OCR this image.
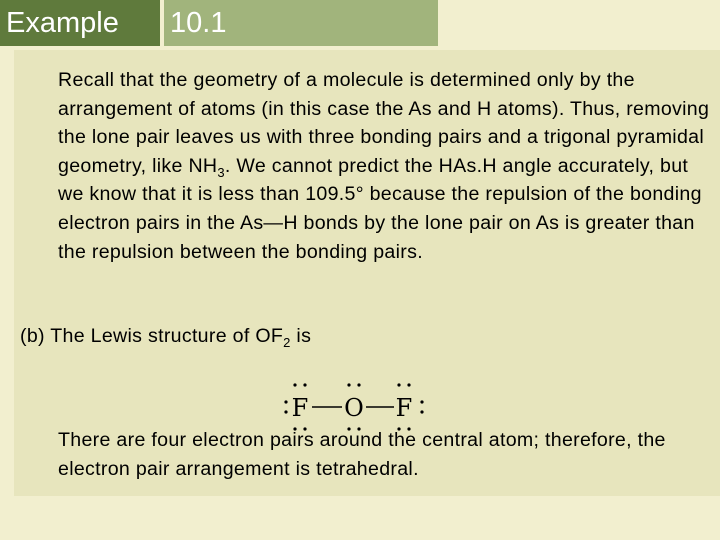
Example 10.1
Recall that the geometry of a molecule is determined only by the arrangement of atoms (in this case the As and H atoms). Thus, removing the lone pair leaves us with three bonding pairs and a trigonal pyramidal geometry, like $NH_3$. We cannot predict the HAs.H angle accurately, but we know that it is less than 109.5° because the repulsion of the bonding electron pairs in the As—H bonds by the lone pair on As is greater than the repulsion between the bonding pairs.
(b) The Lewis structure of $OF_2$ is
F O F
There are four electron pairs around the central atom; therefore, the electron pair arrangement is tetrahedral.
